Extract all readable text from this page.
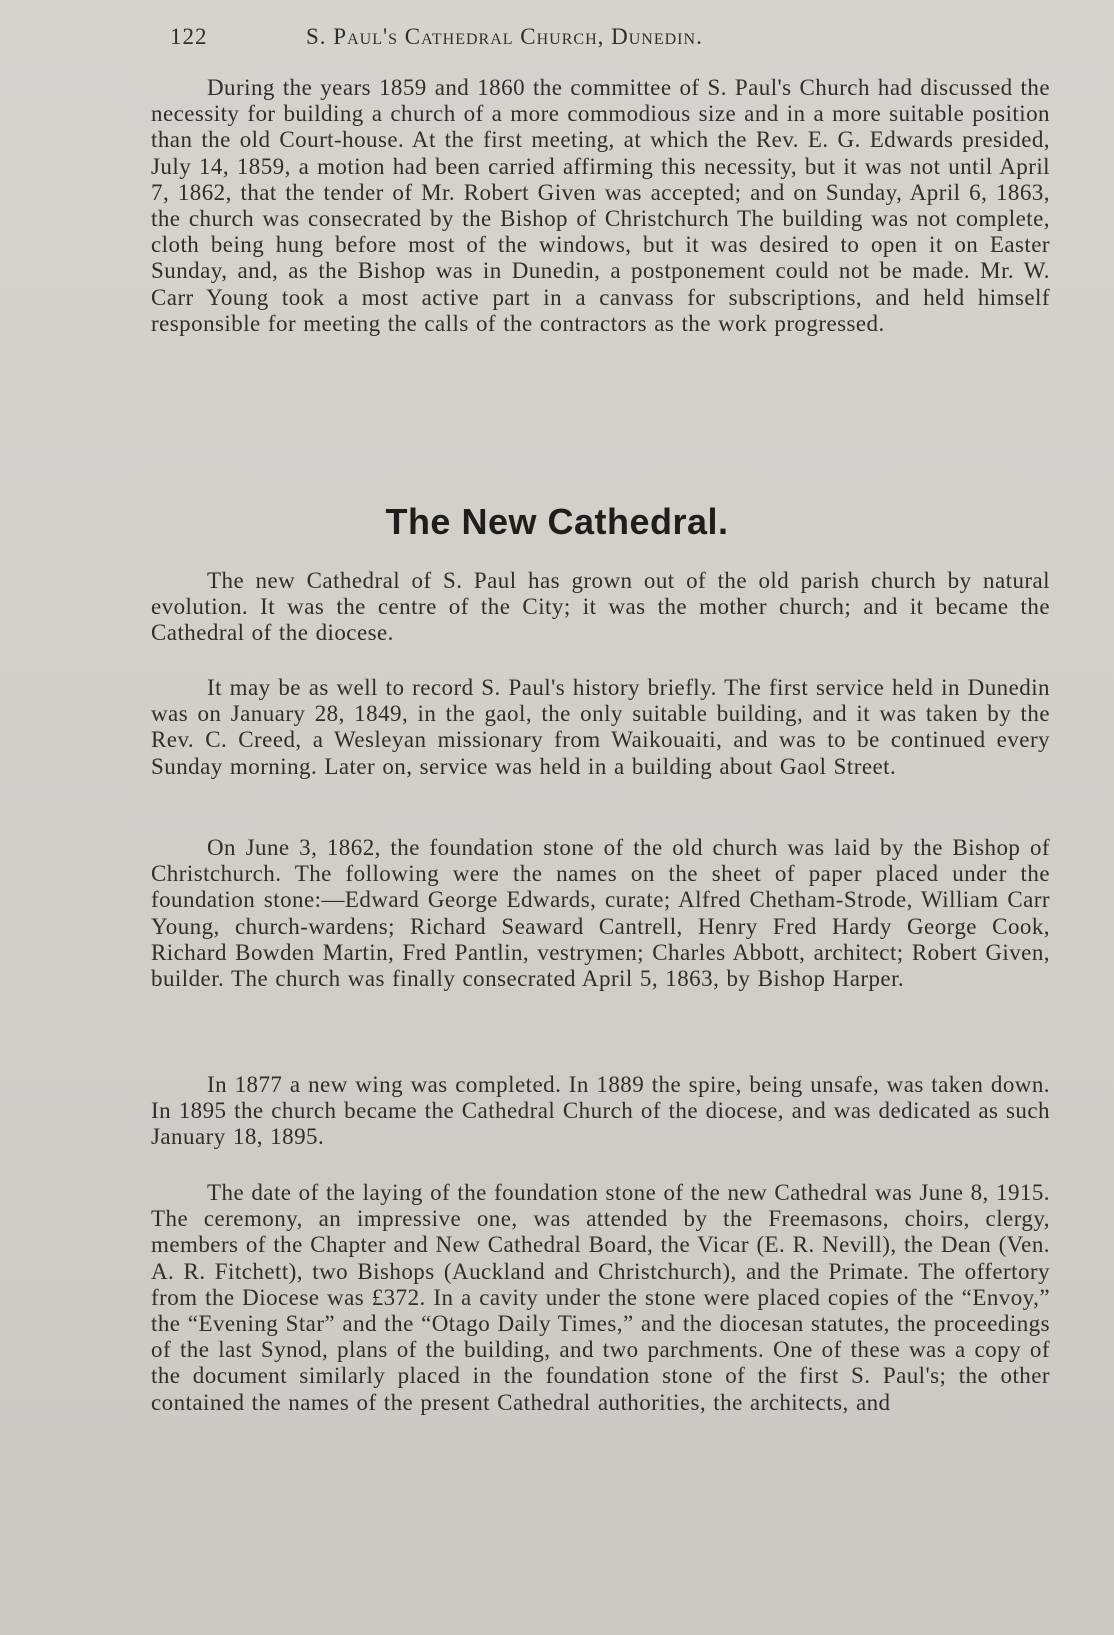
122	S. Paul's Cathedral Church, Dunedin.

During the years 1859 and 1860 the committee of S. Paul's Church had discussed the necessity for building a church of a more commodious size and in a more suitable position than the old Court-house. At the first meeting, at which the Rev. E. G. Edwards presided, July 14, 1859, a motion had been carried affirming this necessity, but it was not until April 7, 1862, that the tender of Mr. Robert Given was accepted; and on Sunday, April 6, 1863, the church was consecrated by the Bishop of Christchurch The building was not complete, cloth being hung before most of the windows, but it was desired to open it on Easter Sunday, and, as the Bishop was in Dunedin, a postponement could not be made. Mr. W. Carr Young took a most active part in a canvass for subscriptions, and held himself responsible for meeting the calls of the contractors as the work progressed.

The New Cathedral.

The new Cathedral of S. Paul has grown out of the old parish church by natural evolution. It was the centre of the City; it was the mother church; and it became the Cathedral of the diocese.

It may be as well to record S. Paul's history briefly. The first service held in Dunedin was on January 28, 1849, in the gaol, the only suitable building, and it was taken by the Rev. C. Creed, a Wesleyan missionary from Waikouaiti, and was to be continued every Sunday morning. Later on, service was held in a building about Gaol Street.

On June 3, 1862, the foundation stone of the old church was laid by the Bishop of Christchurch. The following were the names on the sheet of paper placed under the foundation stone:—Edward George Edwards, curate; Alfred Chetham-Strode, William Carr Young, church-wardens; Richard Seaward Cantrell, Henry Fred Hardy George Cook, Richard Bowden Martin, Fred Pantlin, vestrymen; Charles Abbott, architect; Robert Given, builder. The church was finally consecrated April 5, 1863, by Bishop Harper.

In 1877 a new wing was completed. In 1889 the spire, being unsafe, was taken down. In 1895 the church became the Cathedral Church of the diocese, and was dedicated as such January 18, 1895.

The date of the laying of the foundation stone of the new Cathedral was June 8, 1915. The ceremony, an impressive one, was attended by the Freemasons, choirs, clergy, members of the Chapter and New Cathedral Board, the Vicar (E. R. Nevill), the Dean (Ven. A. R. Fitchett), two Bishops (Auckland and Christchurch), and the Primate. The offertory from the Diocese was £372. In a cavity under the stone were placed copies of the “Envoy,” the “Evening Star” and the “Otago Daily Times,” and the diocesan statutes, the proceedings of the last Synod, plans of the building, and two parchments. One of these was a copy of the document similarly placed in the foundation stone of the first S. Paul's; the other contained the names of the present Cathedral authorities, the architects, and
